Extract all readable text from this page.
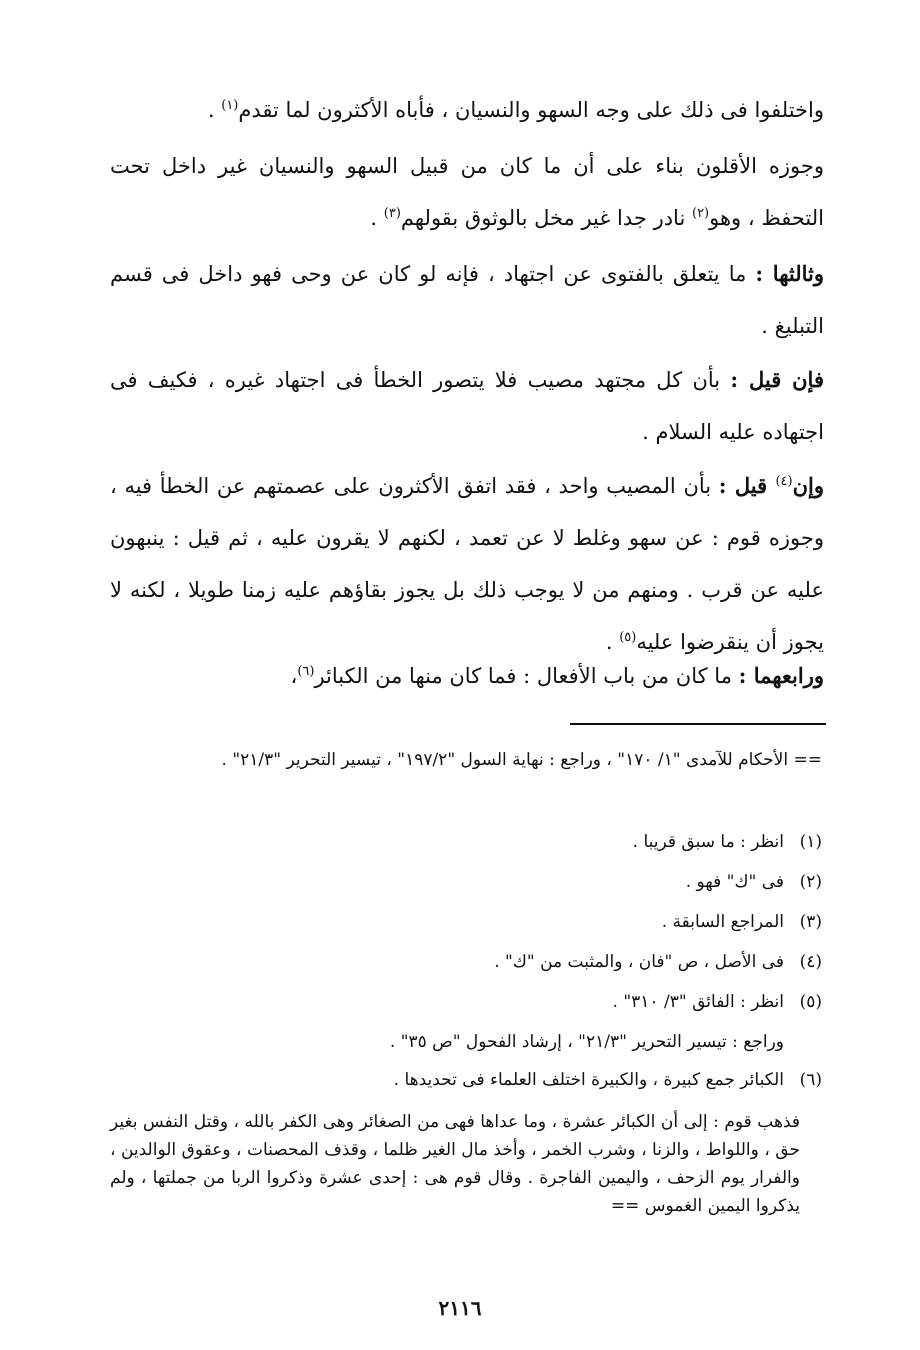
واختلفوا فى ذلك على وجه السهو والنسيان ، فأباه الأكثرون لما تقدم$^{(١)}$ .
وجوزه الأقلون بناء على أن ما كان من قبيل السهو والنسيان غير داخل تحت التحفظ ، وهو$^{(٢)}$ نادر جدا غير مخل بالوثوق بقولهم$^{(٣)}$ .
وثالثها : ما يتعلق بالفتوى عن اجتهاد ، فإنه لو كان عن وحى فهو داخل فى قسم التبليغ .
فإن قيل : بأن كل مجتهد مصيب فلا يتصور الخطأ فى اجتهاد غيره ، فكيف فى اجتهاده عليه السلام .
وإن$^{(٤)}$ قيل : بأن المصيب واحد ، فقد اتفق الأكثرون على عصمتهم عن الخطأ فيه ، وجوزه قوم : عن سهو وغلط لا عن تعمد ، لكنهم لا يقرون عليه ، ثم قيل : ينبهون عليه عن قرب . ومنهم من لا يوجب ذلك بل يجوز بقاؤهم عليه زمنا طويلا ، لكنه لا يجوز أن ينقرضوا عليه$^{(٥)}$ .
ورابعهما : ما كان من باب الأفعال : فما كان منها من الكبائر$^{(٦)}$،
== الأحكام للآمدى "١/ ١٧٠" ، وراجع : نهاية السول "١٩٧/٢" ، تيسير التحرير "٢١/٣" .
(١)انظر : ما سبق قريبا .
(٢)فى "ك" فهو .
(٣)المراجع السابقة .
(٤)فى الأصل ، ص "فان ، والمثبت من "ك" .
(٥)انظر : الفائق "٣/ ٣١٠" .
وراجع : تيسير التحرير "٢١/٣" ، إرشاد الفحول "ص ٣٥" .
(٦)الكبائر جمع كبيرة ، والكبيرة اختلف العلماء فى تحديدها .
فذهب قوم : إلى أن الكبائر عشرة ، وما عداها فهى من الصغائر وهى الكفر بالله ، وقتل النفس بغير حق ، واللواط ، والزنا ، وشرب الخمر ، وأخذ مال الغير ظلما ، وقذف المحصنات ، وعقوق الوالدين ، والفرار يوم الزحف ، واليمين الفاجرة . وقال قوم هى : إحدى عشرة وذكروا الربا من جملتها ، ولم يذكروا اليمين الغموس ==
٢١١٦
